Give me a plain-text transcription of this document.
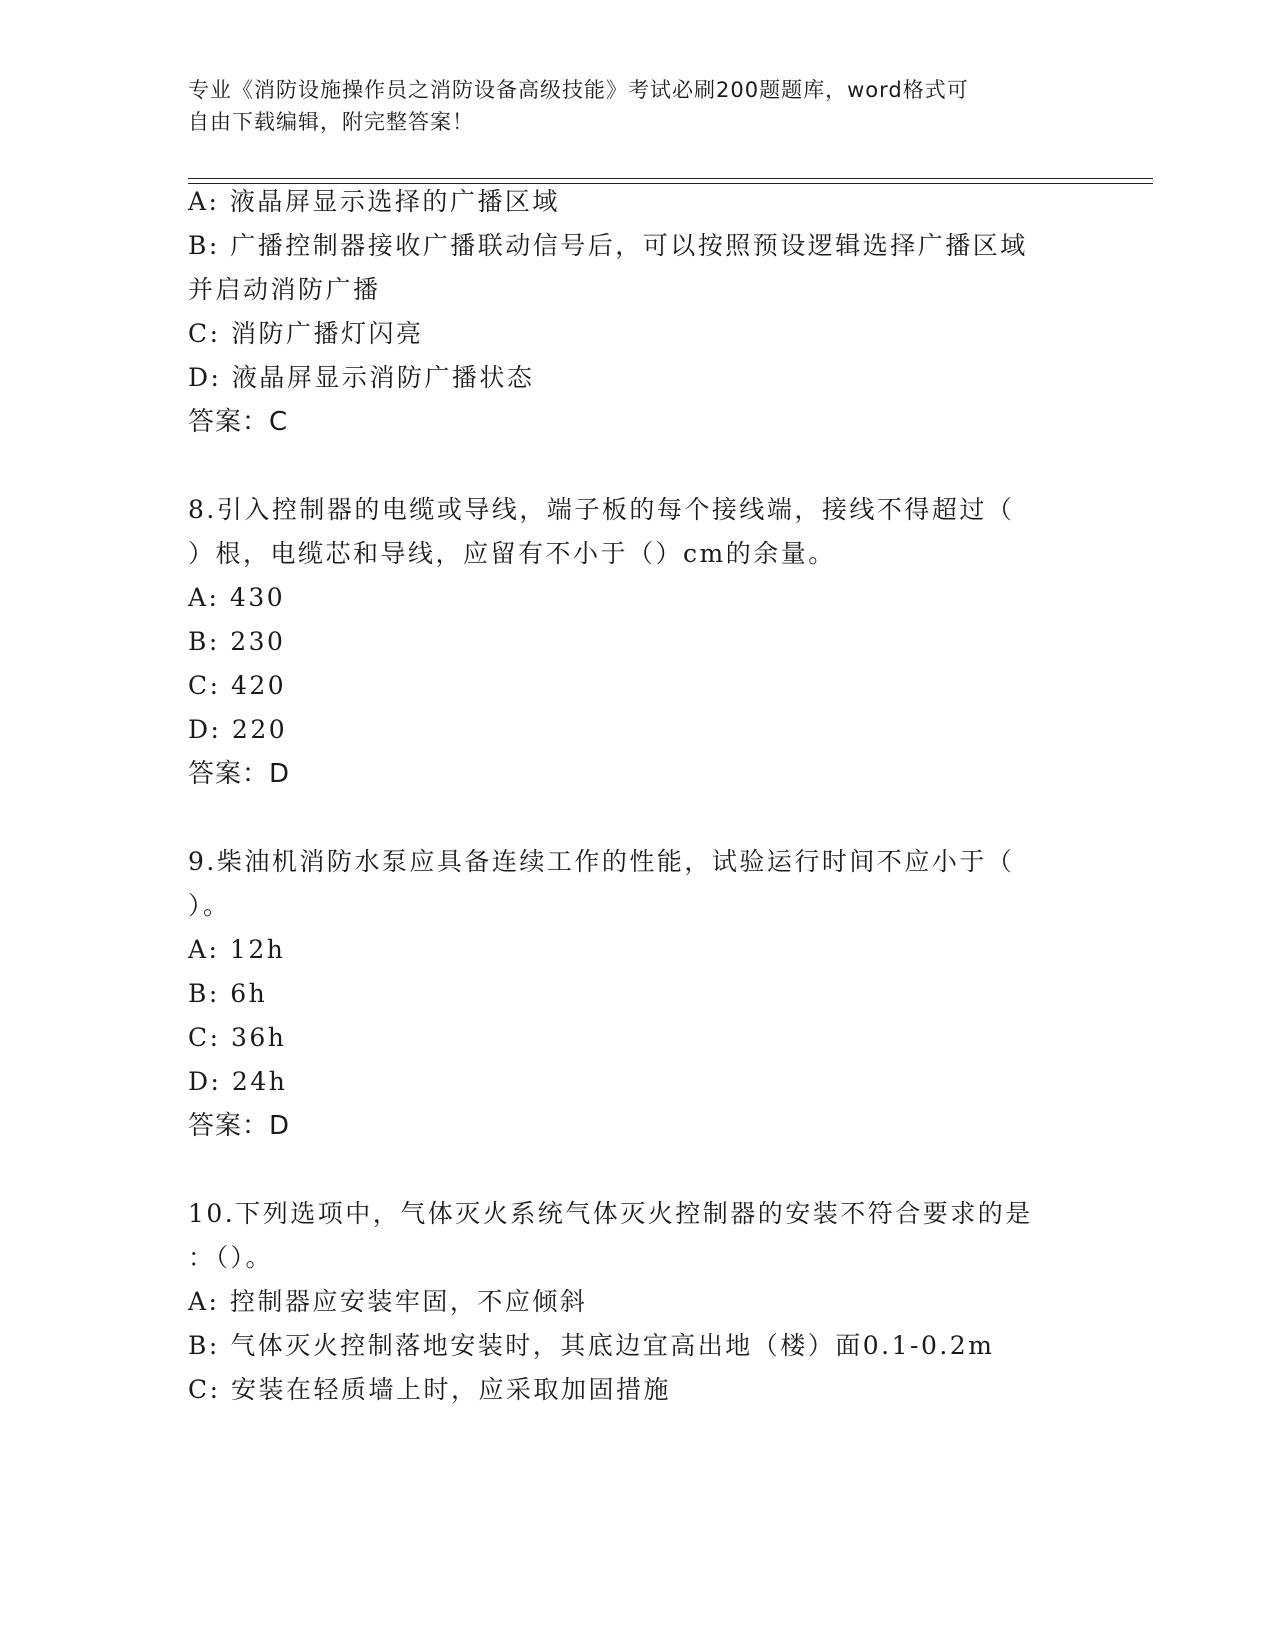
专业《消防设施操作员之消防设备高级技能》考试必刷200题题库，word格式可
自由下载编辑，附完整答案！
A: 液晶屏显示选择的广播区域
B: 广播控制器接收广播联动信号后，可以按照预设逻辑选择广播区域
并启动消防广播
C: 消防广播灯闪亮
D: 液晶屏显示消防广播状态
答案：C
8.引入控制器的电缆或导线，端子板的每个接线端，接线不得超过（
）根，电缆芯和导线，应留有不小于（）cm的余量。
A: 430
B: 230
C: 420
D: 220
答案：D
9.柴油机消防水泵应具备连续工作的性能，试验运行时间不应小于（
）。
A: 12h
B: 6h
C: 36h
D: 24h
答案：D
10.下列选项中，气体灭火系统气体灭火控制器的安装不符合要求的是
：（）。
A: 控制器应安装牢固，不应倾斜
B: 气体灭火控制落地安装时，其底边宜高出地（楼）面0.1-0.2m
C: 安装在轻质墙上时，应采取加固措施
